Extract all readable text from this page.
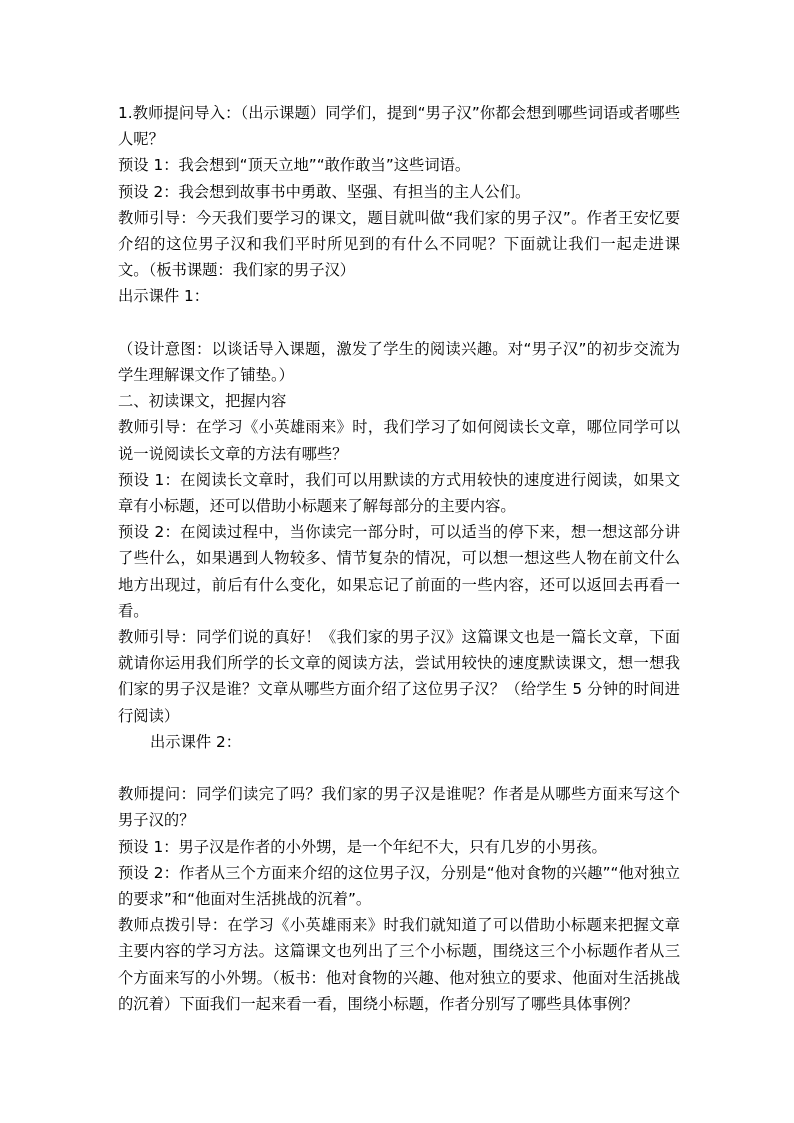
1.教师提问导入：（出示课题）同学们，提到“男子汉”你都会想到哪些词语或者哪些人呢？

预设 1：我会想到“顶天立地”“敢作敢当”这些词语。

预设 2：我会想到故事书中勇敢、坚强、有担当的主人公们。

教师引导：今天我们要学习的课文，题目就叫做“我们家的男子汉”。作者王安忆要介绍的这位男子汉和我们平时所见到的有什么不同呢？下面就让我们一起走进课文。（板书课题：我们家的男子汉）

出示课件 1：

（设计意图：以谈话导入课题，激发了学生的阅读兴趣。对“男子汉”的初步交流为学生理解课文作了铺垫。）

二、初读课文，把握内容

教师引导：在学习《小英雄雨来》时，我们学习了如何阅读长文章，哪位同学可以说一说阅读长文章的方法有哪些？

预设 1：在阅读长文章时，我们可以用默读的方式用较快的速度进行阅读，如果文章有小标题，还可以借助小标题来了解每部分的主要内容。

预设 2：在阅读过程中，当你读完一部分时，可以适当的停下来，想一想这部分讲了些什么，如果遇到人物较多、情节复杂的情况，可以想一想这些人物在前文什么地方出现过，前后有什么变化，如果忘记了前面的一些内容，还可以返回去再看一看。

教师引导：同学们说的真好！《我们家的男子汉》这篇课文也是一篇长文章，下面就请你运用我们所学的长文章的阅读方法，尝试用较快的速度默读课文，想一想我们家的男子汉是谁？文章从哪些方面介绍了这位男子汉？（给学生 5 分钟的时间进行阅读）

出示课件 2：

教师提问：同学们读完了吗？我们家的男子汉是谁呢？作者是从哪些方面来写这个男子汉的？

预设 1：男子汉是作者的小外甥，是一个年纪不大，只有几岁的小男孩。

预设 2：作者从三个方面来介绍的这位男子汉，分别是“他对食物的兴趣”“他对独立的要求”和“他面对生活挑战的沉着”。

教师点拨引导：在学习《小英雄雨来》时我们就知道了可以借助小标题来把握文章主要内容的学习方法。这篇课文也列出了三个小标题，围绕这三个小标题作者从三个方面来写的小外甥。（板书：他对食物的兴趣、他对独立的要求、他面对生活挑战的沉着）下面我们一起来看一看，围绕小标题，作者分别写了哪些具体事例？
